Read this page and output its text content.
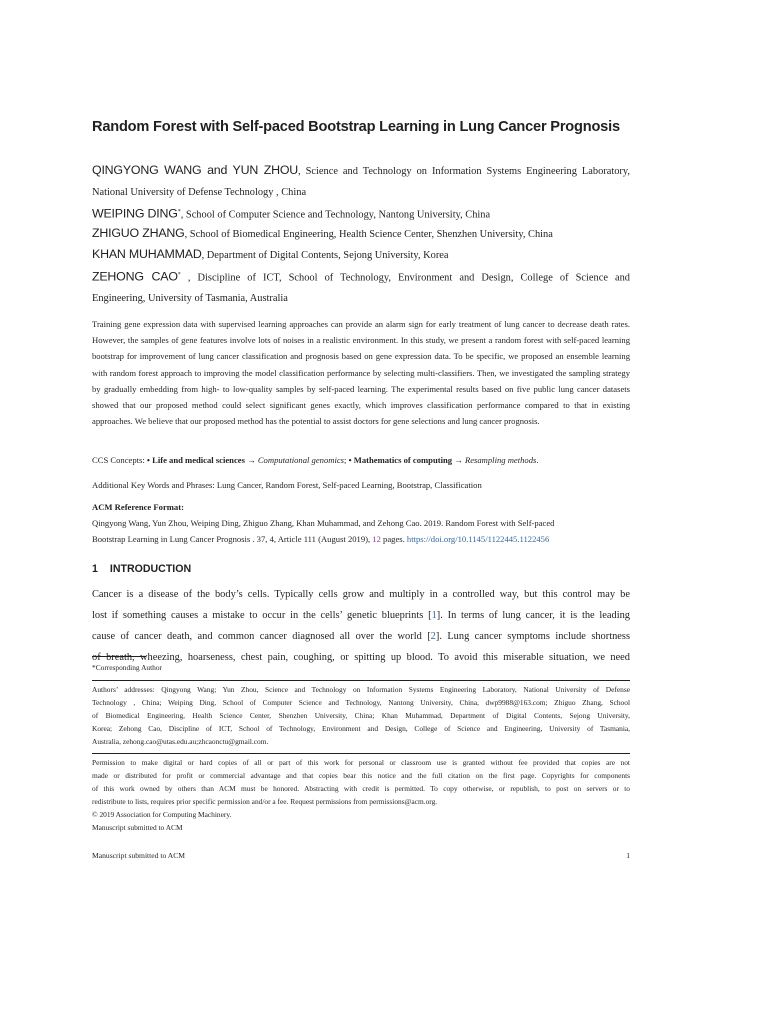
Random Forest with Self-paced Bootstrap Learning in Lung Cancer Prognosis
QINGYONG WANG and YUN ZHOU, Science and Technology on Information Systems Engineering Laboratory,
National University of Defense Technology , China
WEIPING DING*, School of Computer Science and Technology, Nantong University, China
ZHIGUO ZHANG, School of Biomedical Engineering, Health Science Center, Shenzhen University, China
KHAN MUHAMMAD, Department of Digital Contents, Sejong University, Korea
ZEHONG CAO* , Discipline of ICT, School of Technology, Environment and Design, College of Science and
Engineering, University of Tasmania, Australia
Training gene expression data with supervised learning approaches can provide an alarm sign for early treatment of lung cancer to decrease death rates. However, the samples of gene features involve lots of noises in a realistic environment. In this study, we present a random forest with self-paced learning bootstrap for improvement of lung cancer classification and prognosis based on gene expression data. To be specific, we proposed an ensemble learning with random forest approach to improving the model classification performance by selecting multi-classifiers. Then, we investigated the sampling strategy by gradually embedding from high- to low-quality samples by self-paced learning. The experimental results based on five public lung cancer datasets showed that our proposed method could select significant genes exactly, which improves classification performance compared to that in existing approaches. We believe that our proposed method has the potential to assist doctors for gene selections and lung cancer prognosis.
CCS Concepts: • Life and medical sciences → Computational genomics; • Mathematics of computing → Resampling methods.
Additional Key Words and Phrases: Lung Cancer, Random Forest, Self-paced Learning, Bootstrap, Classification
ACM Reference Format:
Qingyong Wang, Yun Zhou, Weiping Ding, Zhiguo Zhang, Khan Muhammad, and Zehong Cao. 2019. Random Forest with Self-paced
Bootstrap Learning in Lung Cancer Prognosis . 37, 4, Article 111 (August 2019), 12 pages. https://doi.org/10.1145/1122445.1122456
1 INTRODUCTION
Cancer is a disease of the body’s cells. Typically cells grow and multiply in a controlled way, but this control may be
lost if something causes a mistake to occur in the cells’ genetic blueprints [1]. In terms of lung cancer, it is the leading
cause of cancer death, and common cancer diagnosed all over the world [2]. Lung cancer symptoms include shortness
of breath, wheezing, hoarseness, chest pain, coughing, or spitting up blood. To avoid this miserable situation, we need
*Corresponding Author
Authors’ addresses: Qingyong Wang; Yun Zhou, Science and Technology on Information Systems Engineering Laboratory, National University of Defense
Technology , China; Weiping Ding, School of Computer Science and Technology, Nantong University, China, dwp9988@163.com; Zhiguo Zhang, School
of Biomedical Engineering, Health Science Center, Shenzhen University, China; Khan Muhammad, Department of Digital Contents, Sejong University,
Korea; Zehong Cao, Discipline of ICT, School of Technology, Environment and Design, College of Science and Engineering, University of Tasmania,
Australia, zehong.cao@utas.edu.au;zhcaonctu@gmail.com.
Permission to make digital or hard copies of all or part of this work for personal or classroom use is granted without fee provided that copies are not
made or distributed for profit or commercial advantage and that copies bear this notice and the full citation on the first page. Copyrights for components
of this work owned by others than ACM must be honored. Abstracting with credit is permitted. To copy otherwise, or republish, to post on servers or to
redistribute to lists, requires prior specific permission and/or a fee. Request permissions from permissions@acm.org.
© 2019 Association for Computing Machinery.
Manuscript submitted to ACM
Manuscript submitted to ACM	1
